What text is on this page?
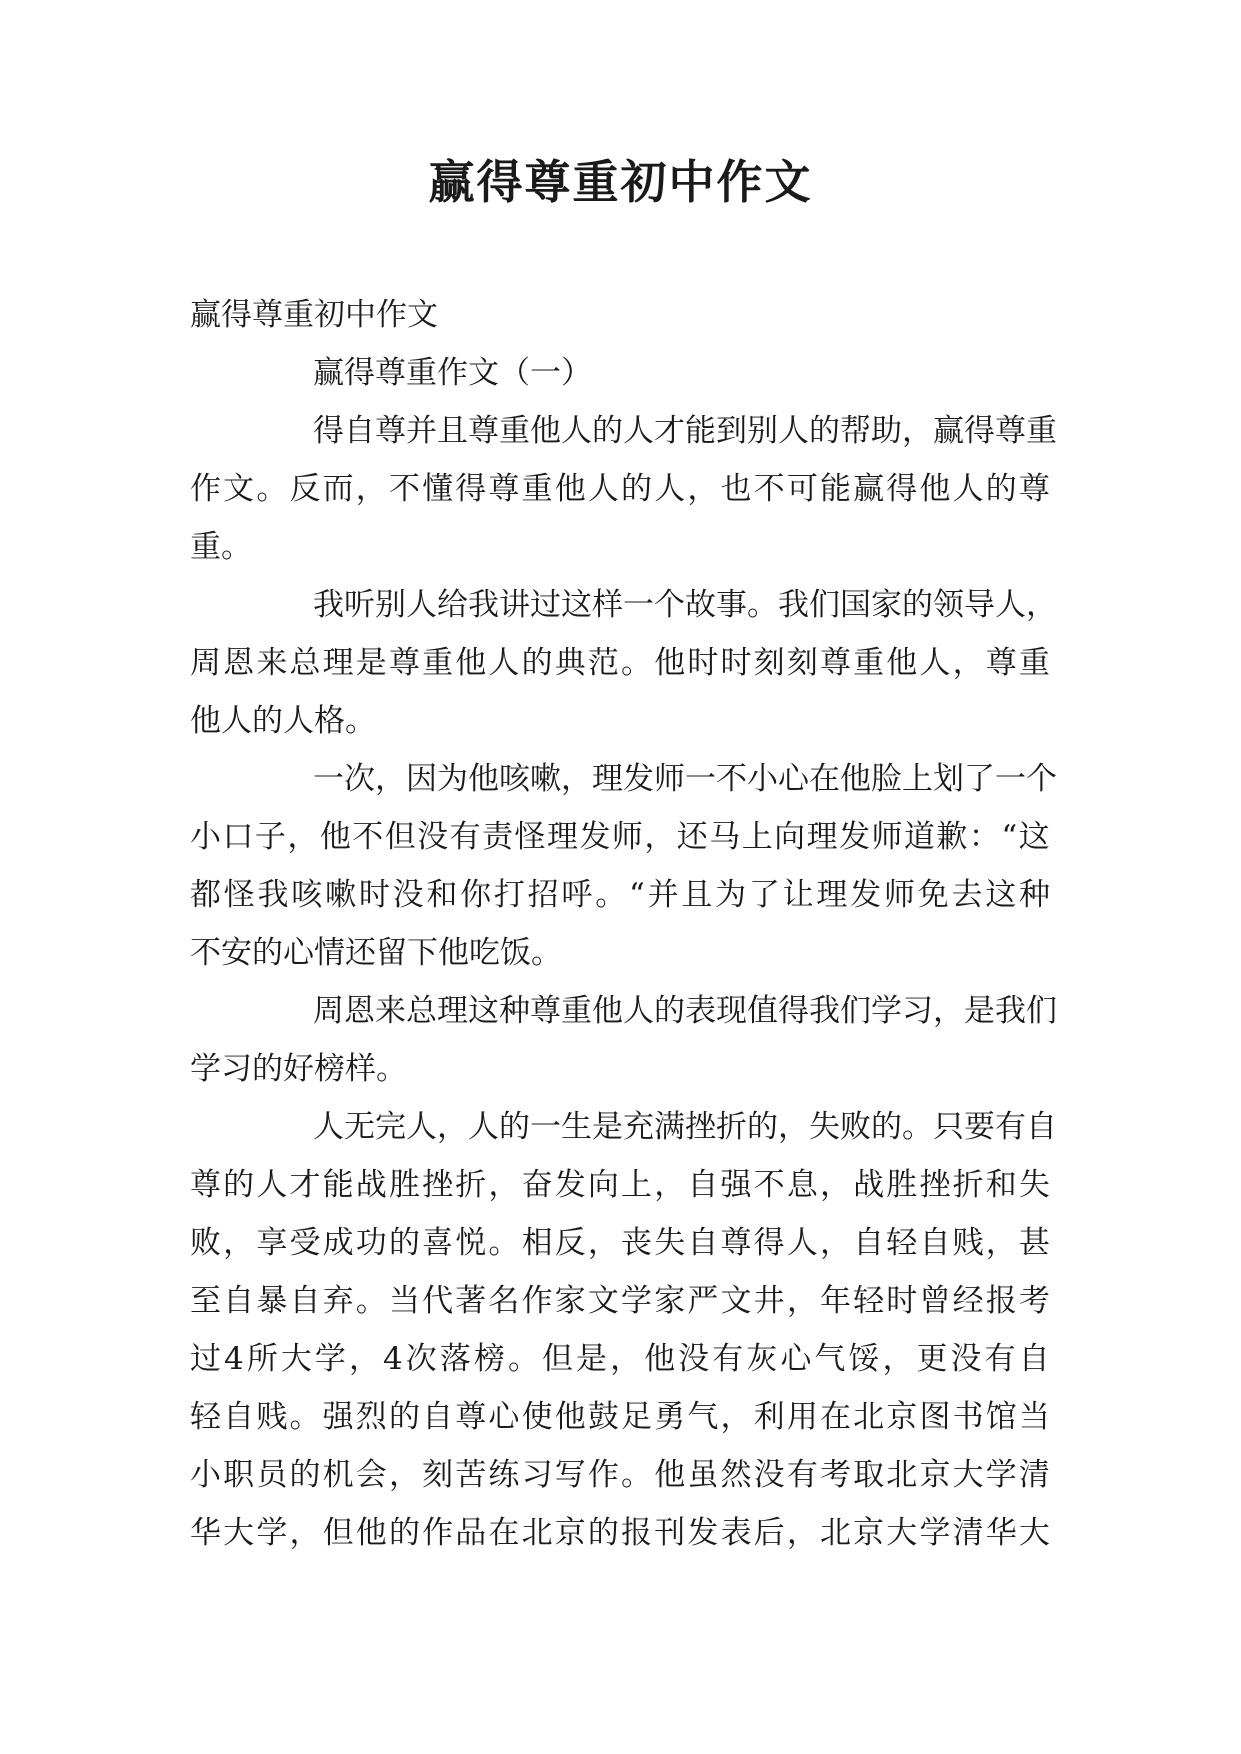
赢得尊重初中作文

赢得尊重初中作文

赢得尊重作文（一）

得 自 尊 并 且 尊 重 他 人 的 人 才 能 到 别 人 的 帮 助 ， 赢 得 尊 重

作 文 。 反 而 ， 不 懂 得 尊 重 他 人 的 人 ， 也 不 可 能 赢 得 他 人 的 尊

重。

我 听 别 人 给 我 讲 过 这 样 一 个 故 事 。 我 们 国 家 的 领 导 人 ，

周 恩 来 总 理 是 尊 重 他 人 的 典 范 。 他 时 时 刻 刻 尊 重 他 人 ， 尊 重

他人的人格。

一 次 ， 因 为 他 咳 嗽 ， 理 发 师 一 不 小 心 在 他 脸 上 划 了 一 个

小 口 子 ， 他 不 但 没 有 责 怪 理 发 师 ， 还 马 上 向 理 发 师 道 歉 ： “ 这

都 怪 我 咳 嗽 时 没 和 你 打 招 呼 。 “ 并 且 为 了 让 理 发 师 免 去 这 种

不安的心情还留下他吃饭。

周 恩 来 总 理 这 种 尊 重 他 人 的 表 现 值 得 我 们 学 习 ， 是 我 们

学习的好榜样。

人 无 完 人 ， 人 的 一 生 是 充 满 挫 折 的 ， 失 败 的 。 只 要 有 自

尊 的 人 才 能 战 胜 挫 折 ， 奋 发 向 上 ， 自 强 不 息 ， 战 胜 挫 折 和 失

败 ， 享 受 成 功 的 喜 悦 。 相 反 ， 丧 失 自 尊 得 人 ， 自 轻 自 贱 ， 甚

至 自 暴 自 弃 。 当 代 著 名 作 家 文 学 家 严 文 井 ， 年 轻 时 曾 经 报 考

过 4 所 大 学 ， 4 次 落 榜 。 但 是 ， 他 没 有 灰 心 气 馁 ， 更 没 有 自

轻 自 贱 。 强 烈 的 自 尊 心 使 他 鼓 足 勇 气 ， 利 用 在 北 京 图 书 馆 当

小 职 员 的 机 会 ， 刻 苦 练 习 写 作 。 他 虽 然 没 有 考 取 北 京 大 学 清

华 大 学 ， 但 他 的 作 品 在 北 京 的 报 刊 发 表 后 ， 北 京 大 学 清 华 大
